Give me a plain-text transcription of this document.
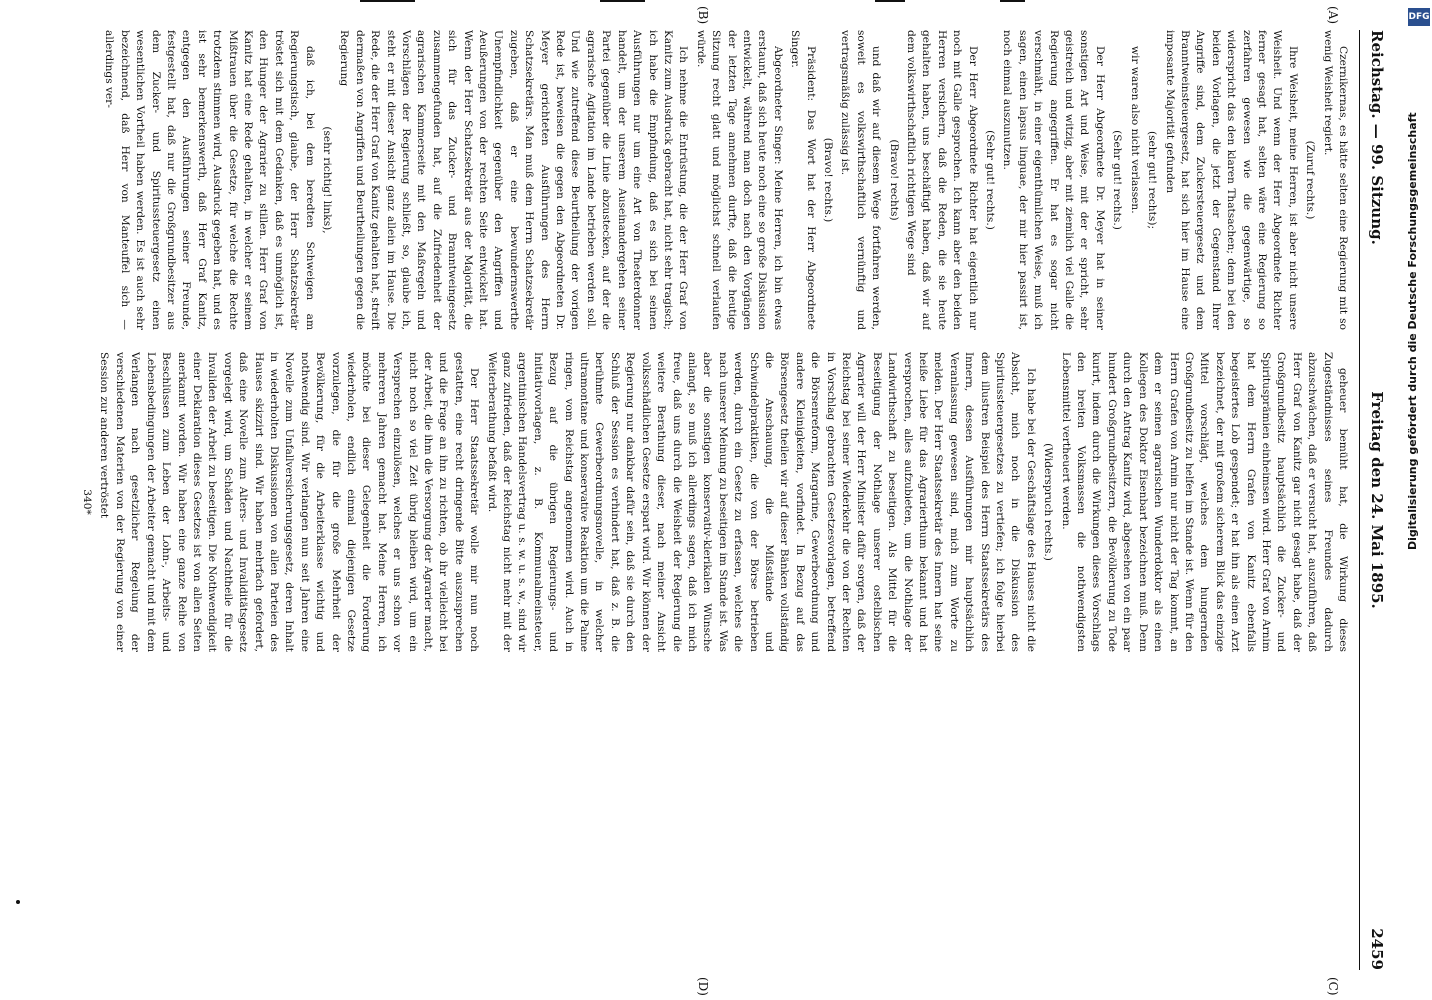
Reichstag. — 99. Sitzung.
Freitag den 24. Mai 1895.
2459
(A)
(B)
(C)
(D)

Czernikernas, es hätte selten eine Regierung mit so wenig Weisheit regiert.

(Zuruf rechts.)

Ihre Weisheit, meine Herren, ist aber nicht unsere Weisheit. Und wenn der Herr Abgeordnete Richter ferner gesagt hat, selten wäre eine Regierung so zerfahren gewesen wie die gegenwärtige, so widerspricht das den klaren Thatsachen; denn bei den beiden Vorlagen, die jetzt der Gegenstand Ihrer Angriffe sind, dem Zuckersteuergesetz und dem Branntweinsteuergesetz, hat sich hier im Hause eine imposante Majorität gefunden

(sehr gut! rechts);

wir waren also nicht verlassen.

(Sehr gut! rechts.)

Der Herr Abgeordnete Dr. Meyer hat in seiner sonstigen Art und Weise, mit der er spricht, sehr geistreich und witzig, aber mit ziemlich viel Galle die Regierung angegriffen. Er hat es sogar nicht verschmäht, in einer eigenthümlichen Weise, muß ich sagen, einen lapsus linguae, der mir hier passirt ist, noch einmal auszunutzen.

(Sehr gut! rechts.)

Der Herr Abgeordnete Richter hat eigentlich nur noch mit Galle gesprochen. Ich kann aber den beiden Herren versichern, daß die Reden, die sie heute gehalten haben, uns beschäftigt haben, daß wir auf dem volkswirthschaftlich richtigen Wege sind

(Bravo! rechts)

und daß wir auf diesem Wege fortfahren werden, soweit es volkswirthschaftlich vernünftig und vertragsmäßig zulässig ist.

(Bravo! rechts.)

Präsident: Das Wort hat der Herr Abgeordnete Singer.

Abgeordneter Singer: Meine Herren, ich bin etwas erstaunt, daß sich heute noch eine so große Diskussion entwickelt, während man doch nach den Vorgängen der letzten Tage annehmen durfte, daß die heutige Sitzung recht glatt und möglichst schnell verlaufen würde.

Ich nehme die Entrüstung, die der Herr Graf von Kanitz zum Ausdruck gebracht hat, nicht sehr tragisch; ich habe die Empfindung, daß es sich bei seinen Ausführungen nur um eine Art von Theaterdonner handelt, um der unserem Auseinandergehen seiner Partei gegenüber die Linie abzustecken, auf der die agrarische Agitation im Lande betrieben werden soll. Und wie zutreffend diese Beurtheilung der vorigen Rede ist, beweisen die gegen den Abgeordneten Dr. Meyer gerichteten Ausführungen des Herrn Schatzsekretärs. Man muß dem Herrn Schatzsekretär zugeben, daß er eine bewundernswerthe Unempfindlichkeit gegenüber den Angriffen und Aeußerungen von der rechten Seite entwickelt hat. Wenn der Herr Schatzsekretär aus der Majorität, die sich für das Zucker- und Branntweingesetz zusammengefunden hat, auf die Zufriedenheit der agrarischen Kammerseite mit den Maßregeln und Vorschlägen der Regierung schließt, so, glaube ich, steht er mit dieser Ansicht ganz allein im Hause. Die Rede, die der Herr Graf von Kanitz gehalten hat, streift dermaßen von Angriffen und Beurtheilungen gegen die Regierung

(sehr richtig! links),

daß ich, bei dem beredten Schweigen am Regierungstisch, glaube, der Herr Schatzsekretär tröstet sich mit dem Gedanken, daß es unmöglich ist, den Hunger der Agrarier zu stillen. Herr Graf von Kanitz hat eine Rede gehalten, in welcher er seinem Mißtrauen über die Gesetze, für welche die Rechte trotzdem stimmen wird, Ausdruck gegeben hat, und es ist sehr bemerkenswerth, daß Herr Graf Kanitz, entgegen den Ausführungen seiner Freunde, festgestellt hat, daß nur die Großgrundbesitzer aus dem Zucker- und Spiritussteuergesetz einen wesentlichen Vortheil haben werden. Es ist auch sehr bezeichnend, daß Herr von Manteuffel sich — allerdings ver-

geheuer bemüht hat, die Wirkung dieses Zugeständnisses seines Freundes dadurch abzuschwächen, daß er versucht hat, auszuführen, daß Herr Graf von Kanitz gar nicht gesagt habe, daß der Großgrundbesitz hauptsächlich die Zucker- und Spiritusprämien einheimsen wird. Herr Graf von Arnim hat dem Herrn Grafen von Kanitz ebenfalls begeistertes Lob gespendet; er hat ihn als einen Arzt bezeichnet, der mit großem sicherem Blick das einzige Mittel vorschlägt, welches dem hungernden Großgrundbesitz zu helfen im Stande ist. Wenn für den Herrn Grafen von Arnim nur nicht der Tag kommt, an dem er seinen agrarischen Wunderdoktor als einen Kollegen des Doktor Eisenbart bezeichnen muß. Denn durch den Antrag Kanitz wird, abgesehen von ein paar hundert Großgrundbesitzern, die Bevölkerung zu Tode kurirt, indem durch die Wirkungen dieses Vorschlags den breiten Volksmassen die nothwendigsten Lebensmittel vertheuert werden.

(Widerspruch rechts.)

Ich habe bei der Geschäftslage des Hauses nicht die Absicht, mich noch in die Diskussion des Spiritussteuergesetzes zu vertiefen; ich folge hierbei dem illustren Beispiel des Herrn Staatssekretärs des Innern, dessen Ausführungen mir hauptsächlich Veranlassung gewesen sind, mich zum Worte zu melden. Der Herr Staatssekretär des Innern hat seine heiße Liebe für das Agrarierthum bekannt und hat versprochen, alles aufzubieten, um die Nothlage der Landwirthschaft zu beseitigen. Als Mittel für die Beseitigung der Nothlage unserer ostelbischen Agrarier will der Herr Minister dafür sorgen, daß der Reichstag bei seiner Wiederkehr die von der Rechten in Vorschlag gebrachten Gesetzesvorlagen, betreffend die Börsenreform, Margarine, Gewerbeordnung und andere Kleinigkeiten, vorfindet. In Bezug auf das Börsengesetz theilen wir auf dieser Bänken vollständig die Anschauung, die Mißstände und Schwindelpraktiken, die von der Börse betrieben werden, durch ein Gesetz zu erfassen, welches die nach unserer Meinung zu beseitigen im Stande ist. Was aber die sonstigen konservativ-klerikalen Wünsche anlangt, so muß ich allerdings sagen, daß ich mich freue, daß uns durch die Weisheit der Regierung die weitere Berathung dieser, nach meiner Ansicht volksschädlichen Gesetze erspart wird. Wir können der Regierung nur dankbar dafür sein, daß sie durch den Schluß der Session es verhindert hat, daß z. B. die berühmte Gewerbeordnungsnovelle, in welcher ultramontane und konservative Reaktion um die Palme ringen, vom Reichstag angenommen wird. Auch in Bezug auf die übrigen Regierungs- und Initiativvorlagen, z. B. Kommunalmeinsteuer, argentinischen Handelsvertrag u. s. w. u. s. w., sind wir ganz zufrieden, daß der Reichstag nicht mehr mit der Weiterberathung befaßt wird.

Der Herr Staatssekretär wolle mir nun noch gestatten, eine recht dringende Bitte auszusprechen und die Frage an ihn zu richten, ob ihr vielleicht bei der Arbeit, die ihm die Versorgung der Agrarier macht, nicht noch so viel Zeit übrig bleiben wird, um ein Versprechen einzulösen, welches er uns schon vor mehreren Jahren gemacht hat. Meine Herren, ich möchte bei dieser Gelegenheit die Forderung wiederholen, endlich einmal diejenigen Gesetze vorzulegen, die für die große Mehrheit der Bevölkerung, für die Arbeiterklasse wichtig und nothwendig sind. Wir verlangen nun seit Jahren eine Novelle zum Unfallversicherungsgesetz, deren Inhalt in wiederholten Diskussionen von allen Parteien des Hauses skizzirt sind. Wir haben mehrfach gefordert, daß eine Novelle zum Alters- und Invaliditätsgesetz vorgelegt wird, um Schäden und Nachtheile für die Invaliden der Arbeit zu beseitigen. Die Nothwendigkeit einer Deklaration dieses Gesetzes ist von allen Seiten anerkannt worden. Wir haben eine ganze Reihe von Beschlüssen zum Leben der Lohn-, Arbeits- und Lebensbedingungen der Arbeiter gemacht und mit dem Verlangen nach gesetzlicher Regelung der verschiedenen Materien von der Regierung von einer Session zur anderen vertröstet

340*

DFG
Digitalisierung gefördert durch die Deutsche Forschungsgemeinschaft
